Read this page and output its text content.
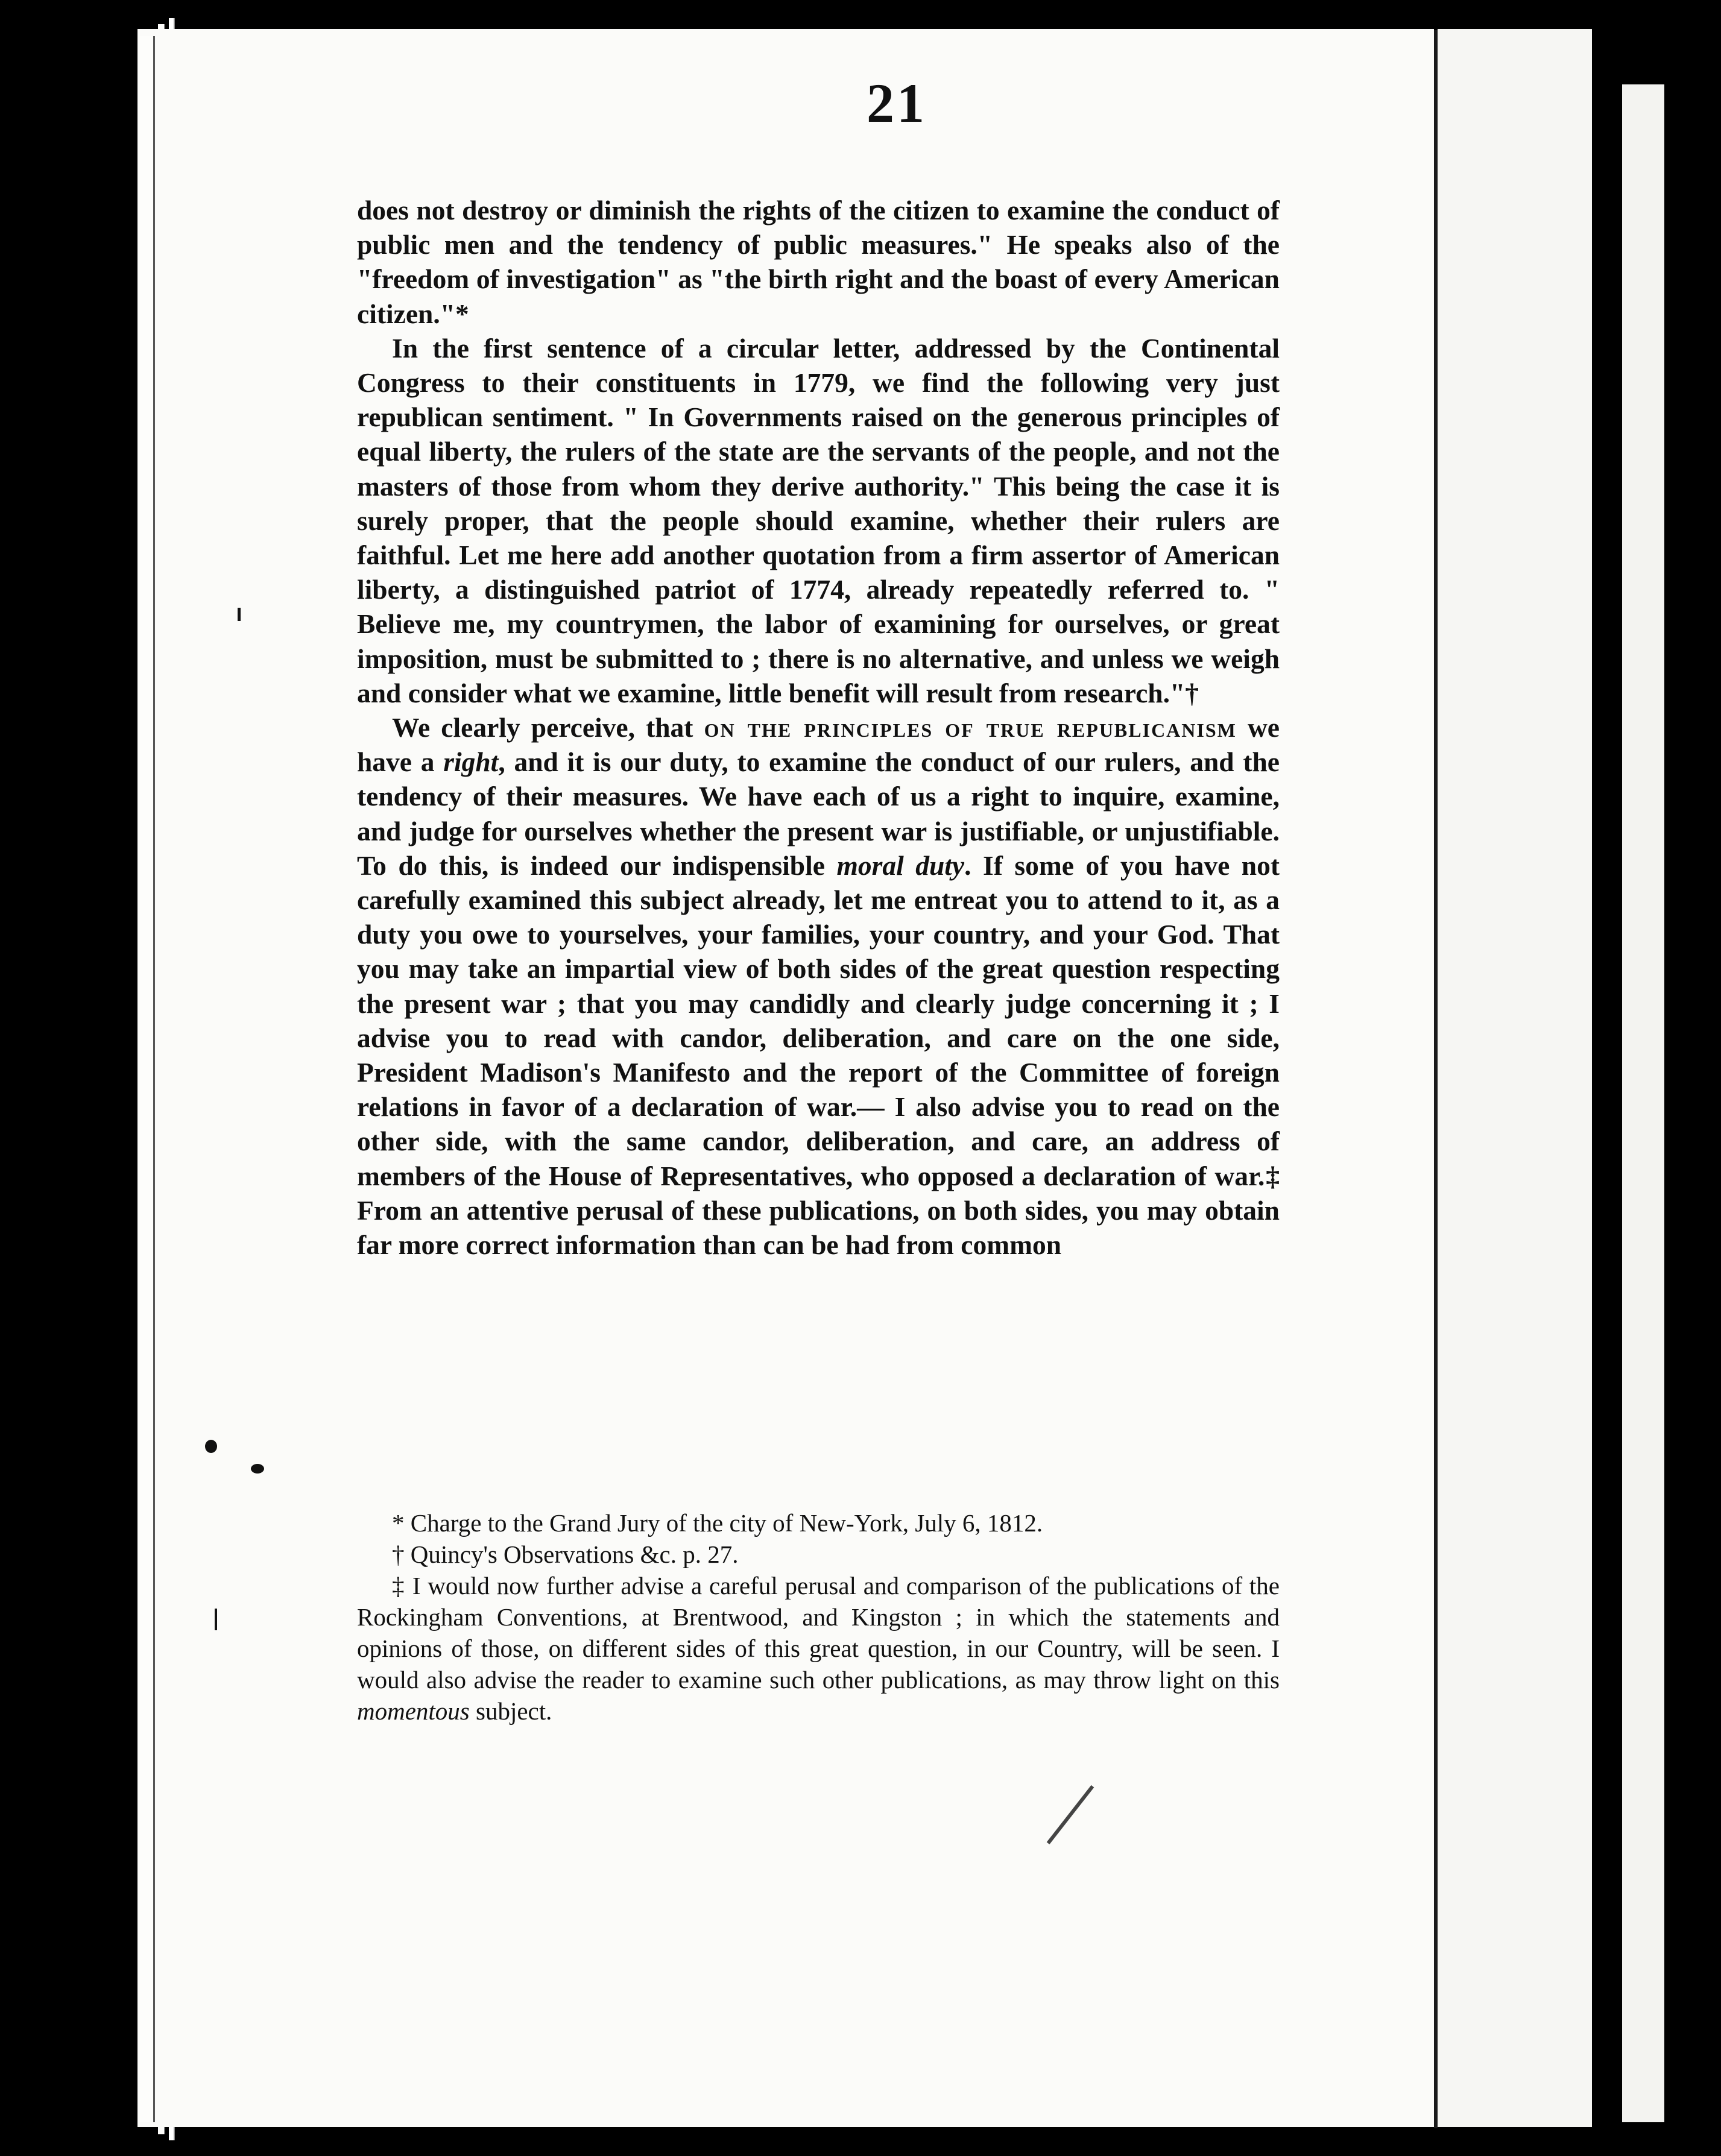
21

does not destroy or diminish the rights of the citizen to examine the conduct of public men and the tendency of public measures." He speaks also of the "freedom of investigation" as "the birth right and the boast of every American citizen."*

In the first sentence of a circular letter, addressed by the Continental Congress to their constituents in 1779, we find the following very just republican sentiment. " In Governments raised on the generous principles of equal liberty, the rulers of the state are the servants of the people, and not the masters of those from whom they derive authority." This being the case it is surely proper, that the people should examine, whether their rulers are faithful. Let me here add another quotation from a firm assertor of American liberty, a distinguished patriot of 1774, already repeatedly referred to. " Believe me, my countrymen, the labor of examining for ourselves, or great imposition, must be submitted to ; there is no alternative, and unless we weigh and consider what we examine, little benefit will result from research."†

We clearly perceive, that on the principles of true republicanism we have a right, and it is our duty, to examine the conduct of our rulers, and the tendency of their measures. We have each of us a right to inquire, examine, and judge for ourselves whether the present war is justifiable, or unjustifiable. To do this, is indeed our indispensible moral duty. If some of you have not carefully examined this subject already, let me entreat you to attend to it, as a duty you owe to yourselves, your families, your country, and your God. That you may take an impartial view of both sides of the great question respecting the present war ; that you may candidly and clearly judge concerning it ; I advise you to read with candor, deliberation, and care on the one side, President Madison's Manifesto and the report of the Committee of foreign relations in favor of a declaration of war.— I also advise you to read on the other side, with the same candor, deliberation, and care, an address of members of the House of Representatives, who opposed a declaration of war.‡ From an attentive perusal of these publications, on both sides, you may obtain far more correct information than can be had from common

* Charge to the Grand Jury of the city of New-York, July 6, 1812.

† Quincy's Observations &c. p. 27.

‡ I would now further advise a careful perusal and comparison of the publications of the Rockingham Conventions, at Brentwood, and Kingston ; in which the statements and opinions of those, on different sides of this great question, in our Country, will be seen. I would also advise the reader to examine such other publications, as may throw light on this momentous subject.
